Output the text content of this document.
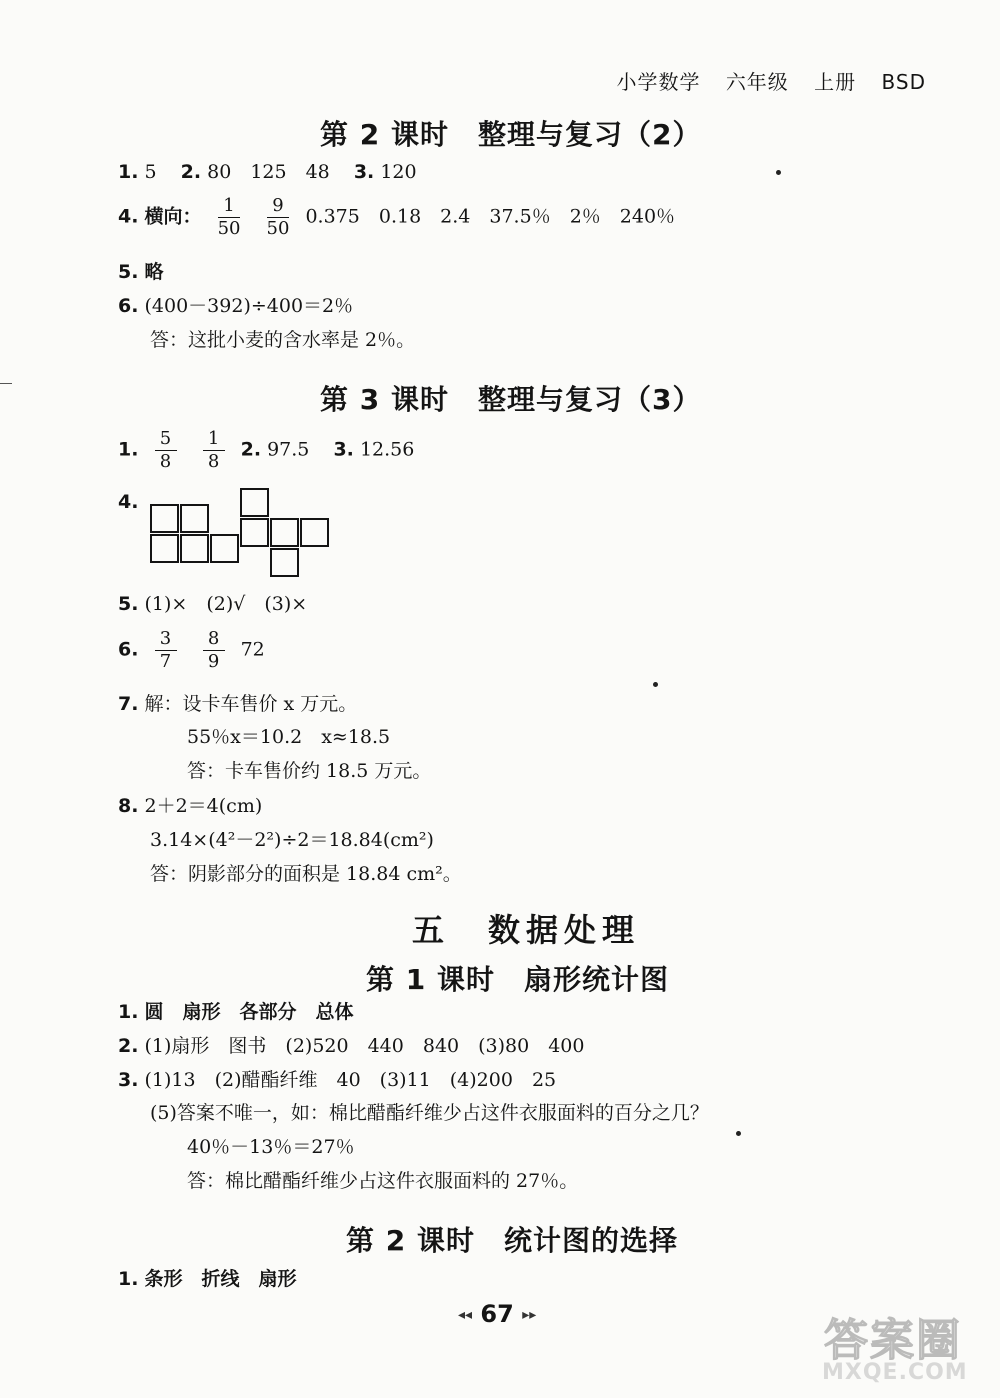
小学数学 六年级 上册 BSD
第 2 课时　整理与复习（2）
1. 5 2. 80　125　48 3. 120
4. 横向： $\frac{1}{50}$
$\frac{9}{50} 0.375$　0.18　2.4　37.5％　2％　240％
5. 略
6. (400－392)÷400＝2％
答：这批小麦的含水率是 2％。
第 3 课时　整理与复习（3）
1. $\frac{5}{8}$
$\frac{1}{8} 2$. 97.5 3. 12.56
4.
5. (1)×　(2)√　(3)×
6. $\frac{3}{7}$
$\frac{8}{9} 72$
7. 解：设卡车售价 x 万元。
55％x＝10.2　x≈18.5
答：卡车售价约 18.5 万元。
8. 2＋2＝4(cm)
3.14×(4²－2²)÷2＝18.84(cm²)
答：阴影部分的面积是 18.84 cm²。
五　数据处理
第 1 课时　扇形统计图
1. 圆　扇形　各部分　总体
2. (1)扇形　图书　(2)520　440　840　(3)80　400
3. (1)13　(2)醋酯纤维　40　(3)11　(4)200　25
(5)答案不唯一，如：棉比醋酯纤维少占这件衣服面料的百分之几？
40％－13％＝27％
答：棉比醋酯纤维少占这件衣服面料的 27％。
第 2 课时　统计图的选择
1. 条形　折线　扇形
◂◂ 67 ▸▸	答案圈
MXQE.COM
